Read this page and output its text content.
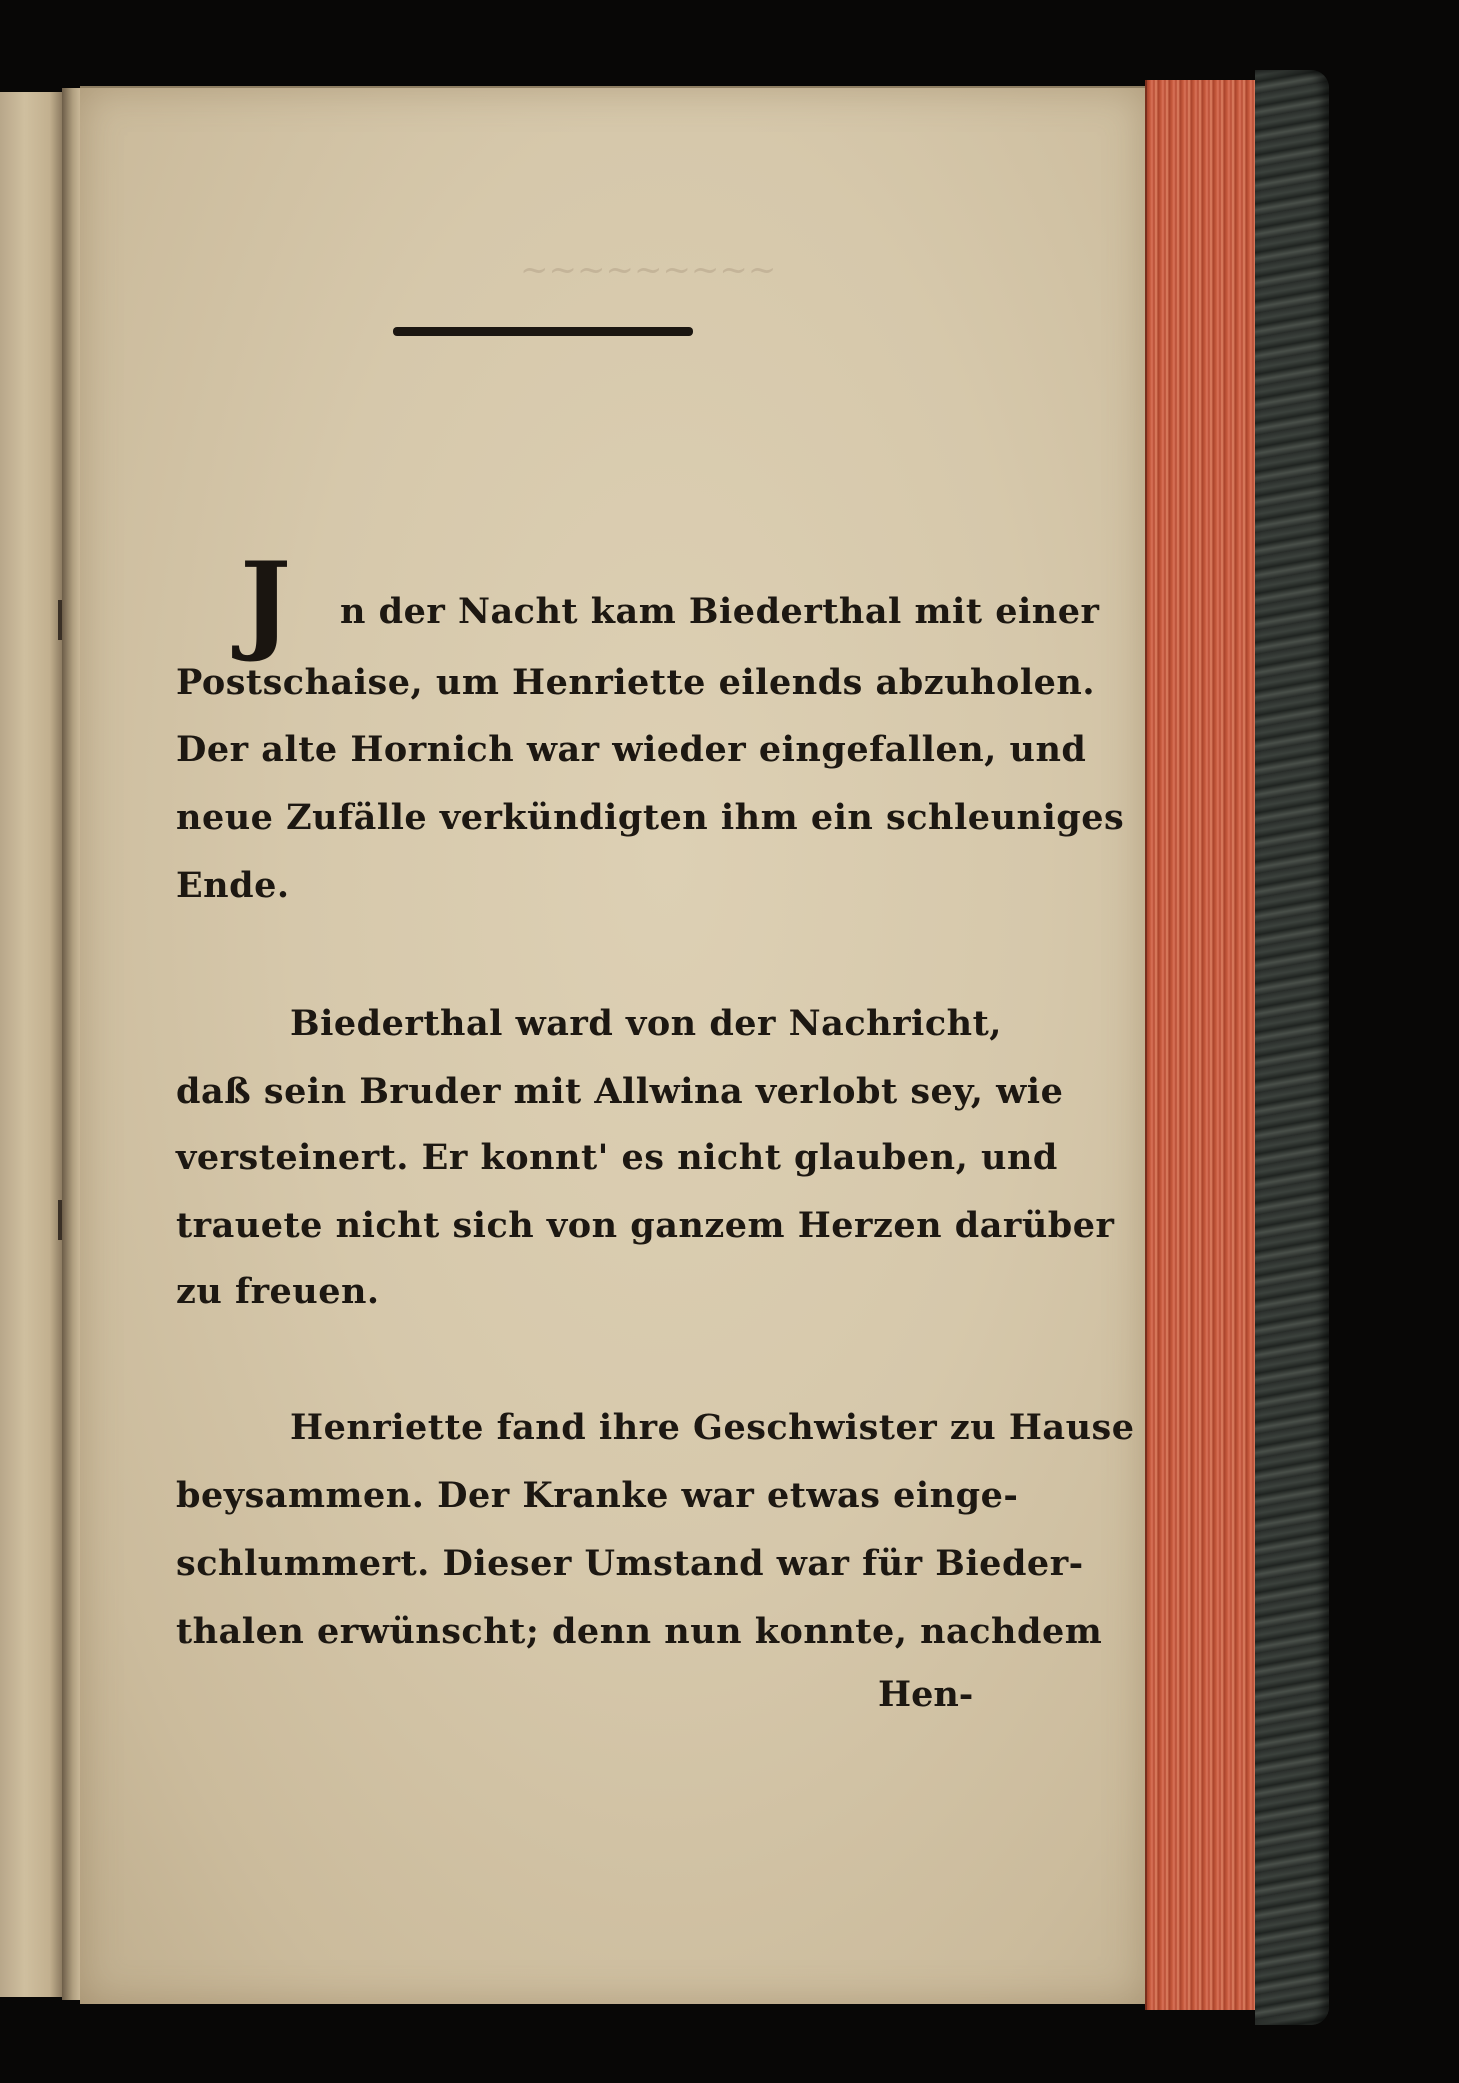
~~~~~~~~~
J n der Nacht kam Biederthal mit einer
Postschaise, um Henriette eilends abzuholen.
Der alte Hornich war wieder eingefallen, und
neue Zufälle verkündigten ihm ein schleuniges
Ende.
Biederthal ward von der Nachricht,
daß sein Bruder mit Allwina verlobt sey, wie
versteinert. Er konnt' es nicht glauben, und
trauete nicht sich von ganzem Herzen darüber
zu freuen.
Henriette fand ihre Geschwister zu Hause
beysammen. Der Kranke war etwas einge-
schlummert. Dieser Umstand war für Bieder-
thalen erwünscht; denn nun konnte, nachdem
Hen-
